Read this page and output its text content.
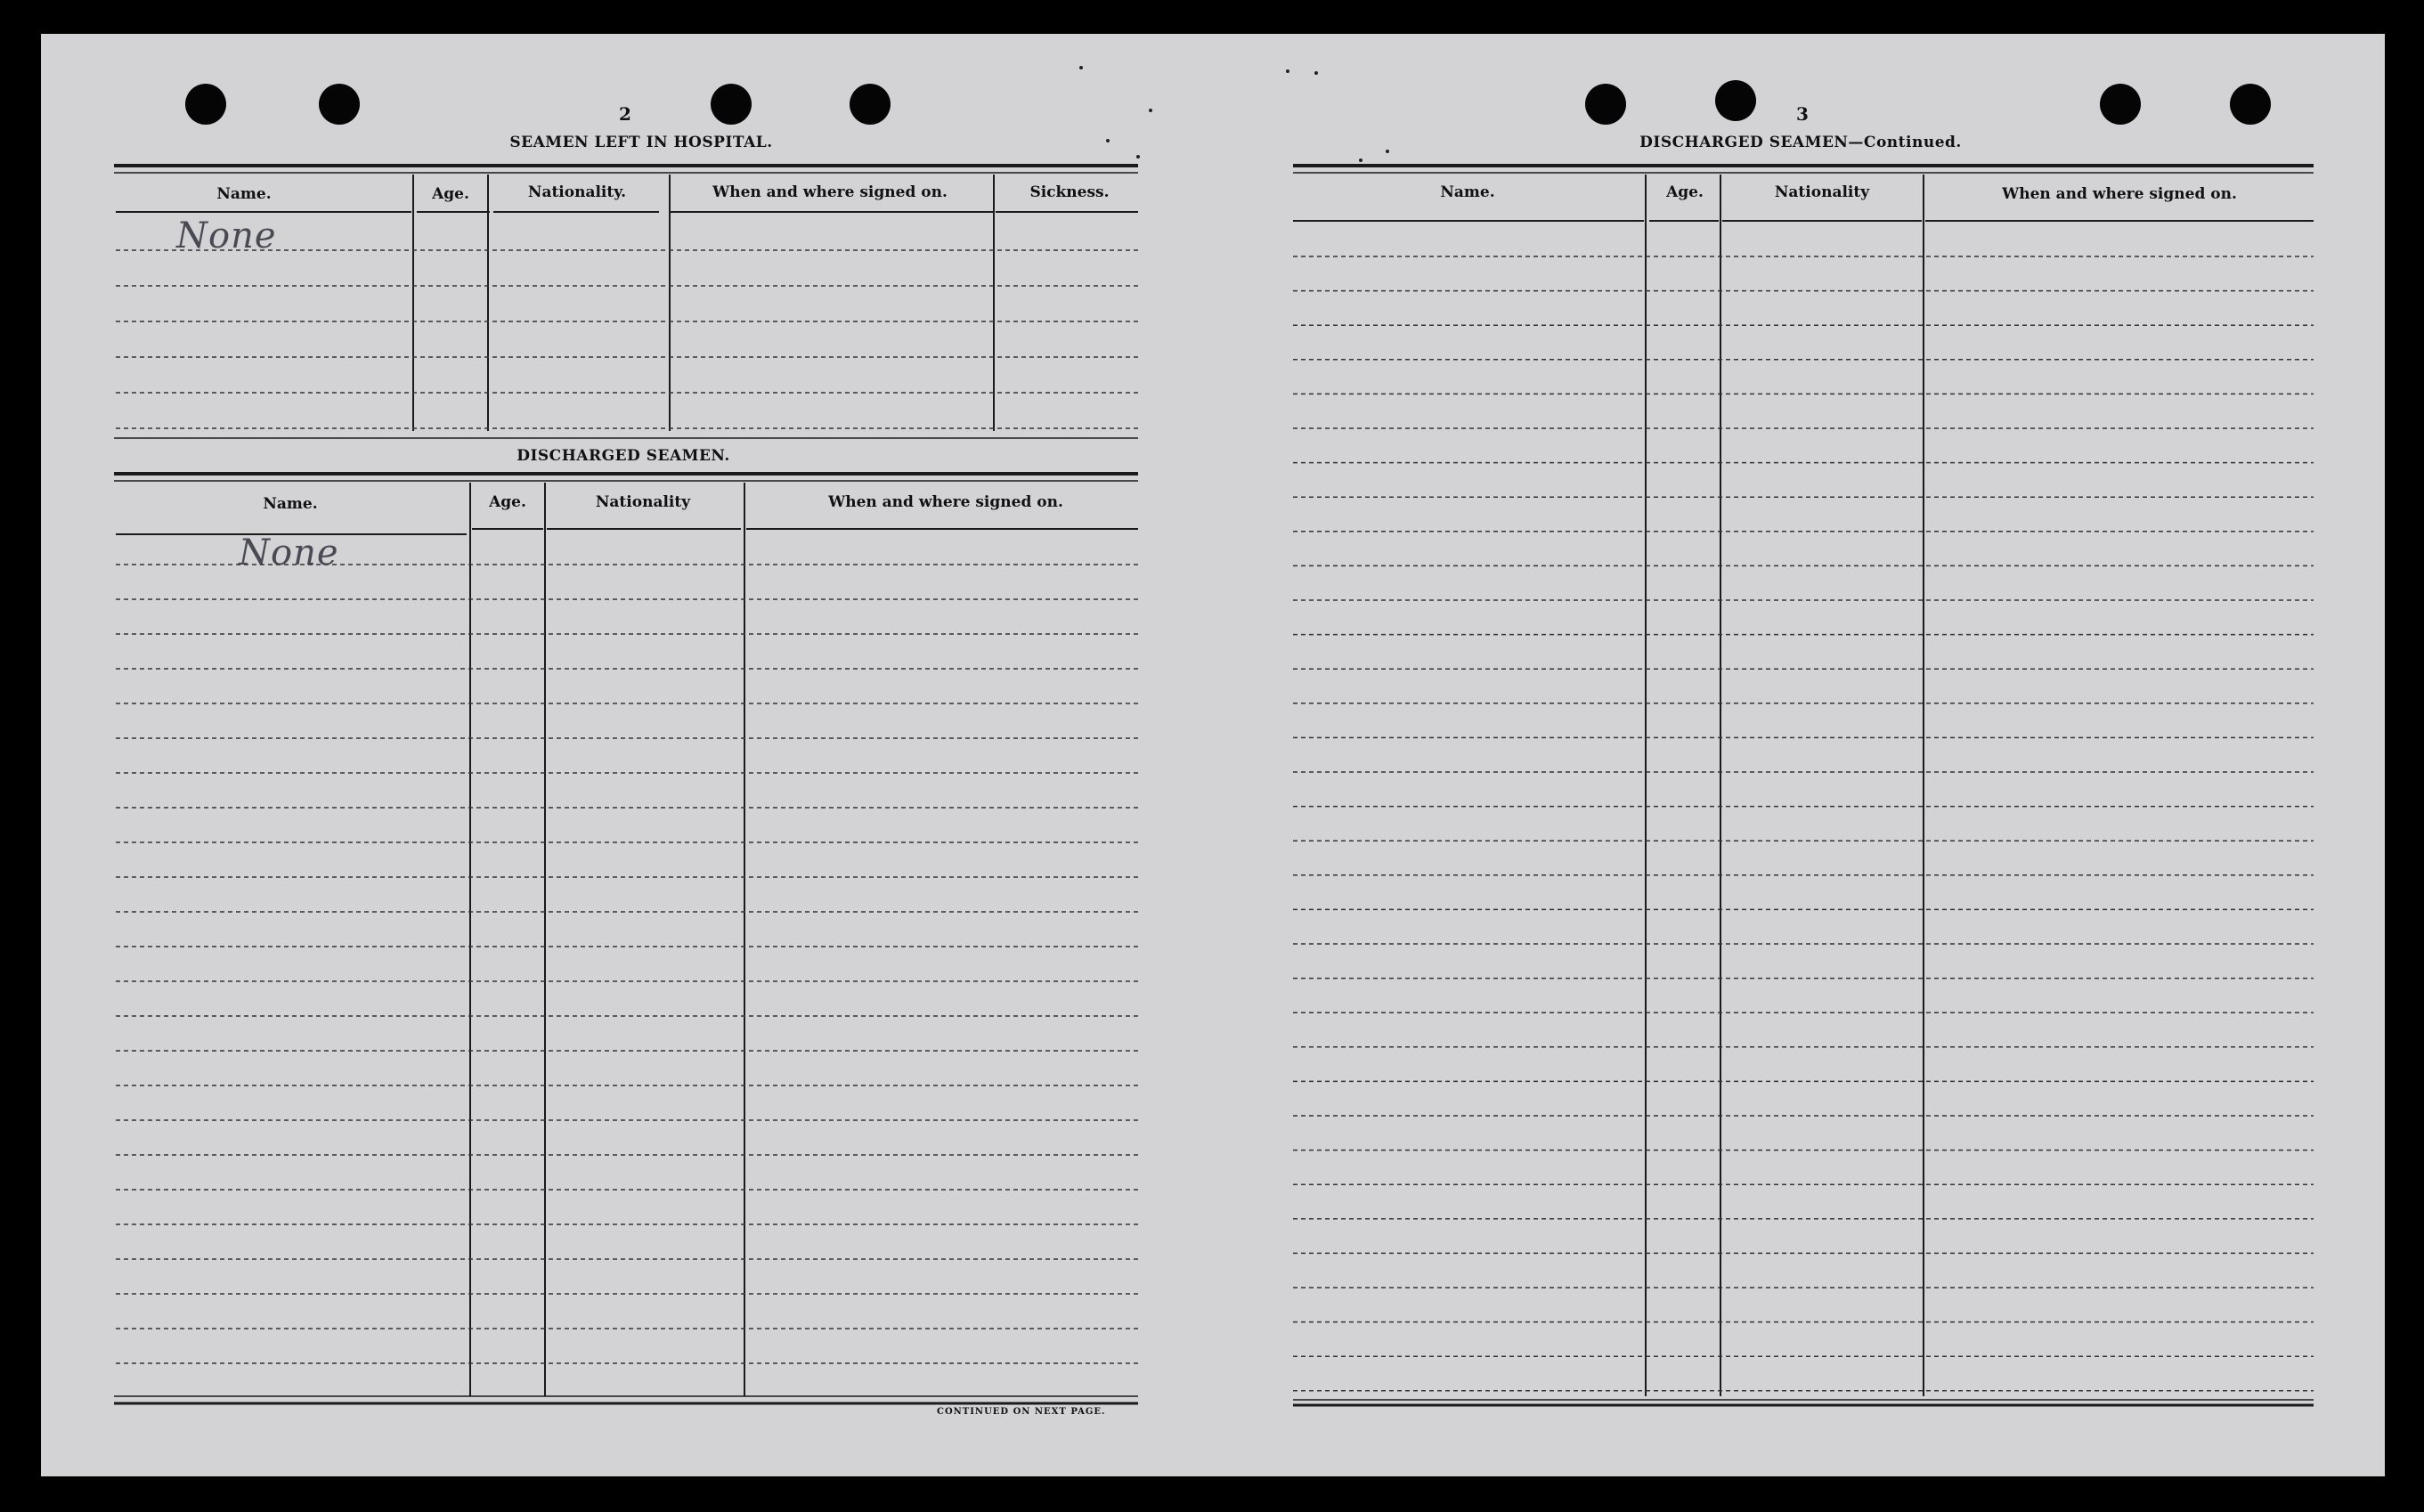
2
SEAMEN LEFT IN HOSPITAL.
Name.	Age.	Nationality.	When and where signed on.	Sickness.
None
DISCHARGED SEAMEN.
Name.	Age.	Nationality	When and where signed on.
None
CONTINUED ON NEXT PAGE.
3
DISCHARGED SEAMEN—Continued.
Name.	Age.	Nationality	When and where signed on.
